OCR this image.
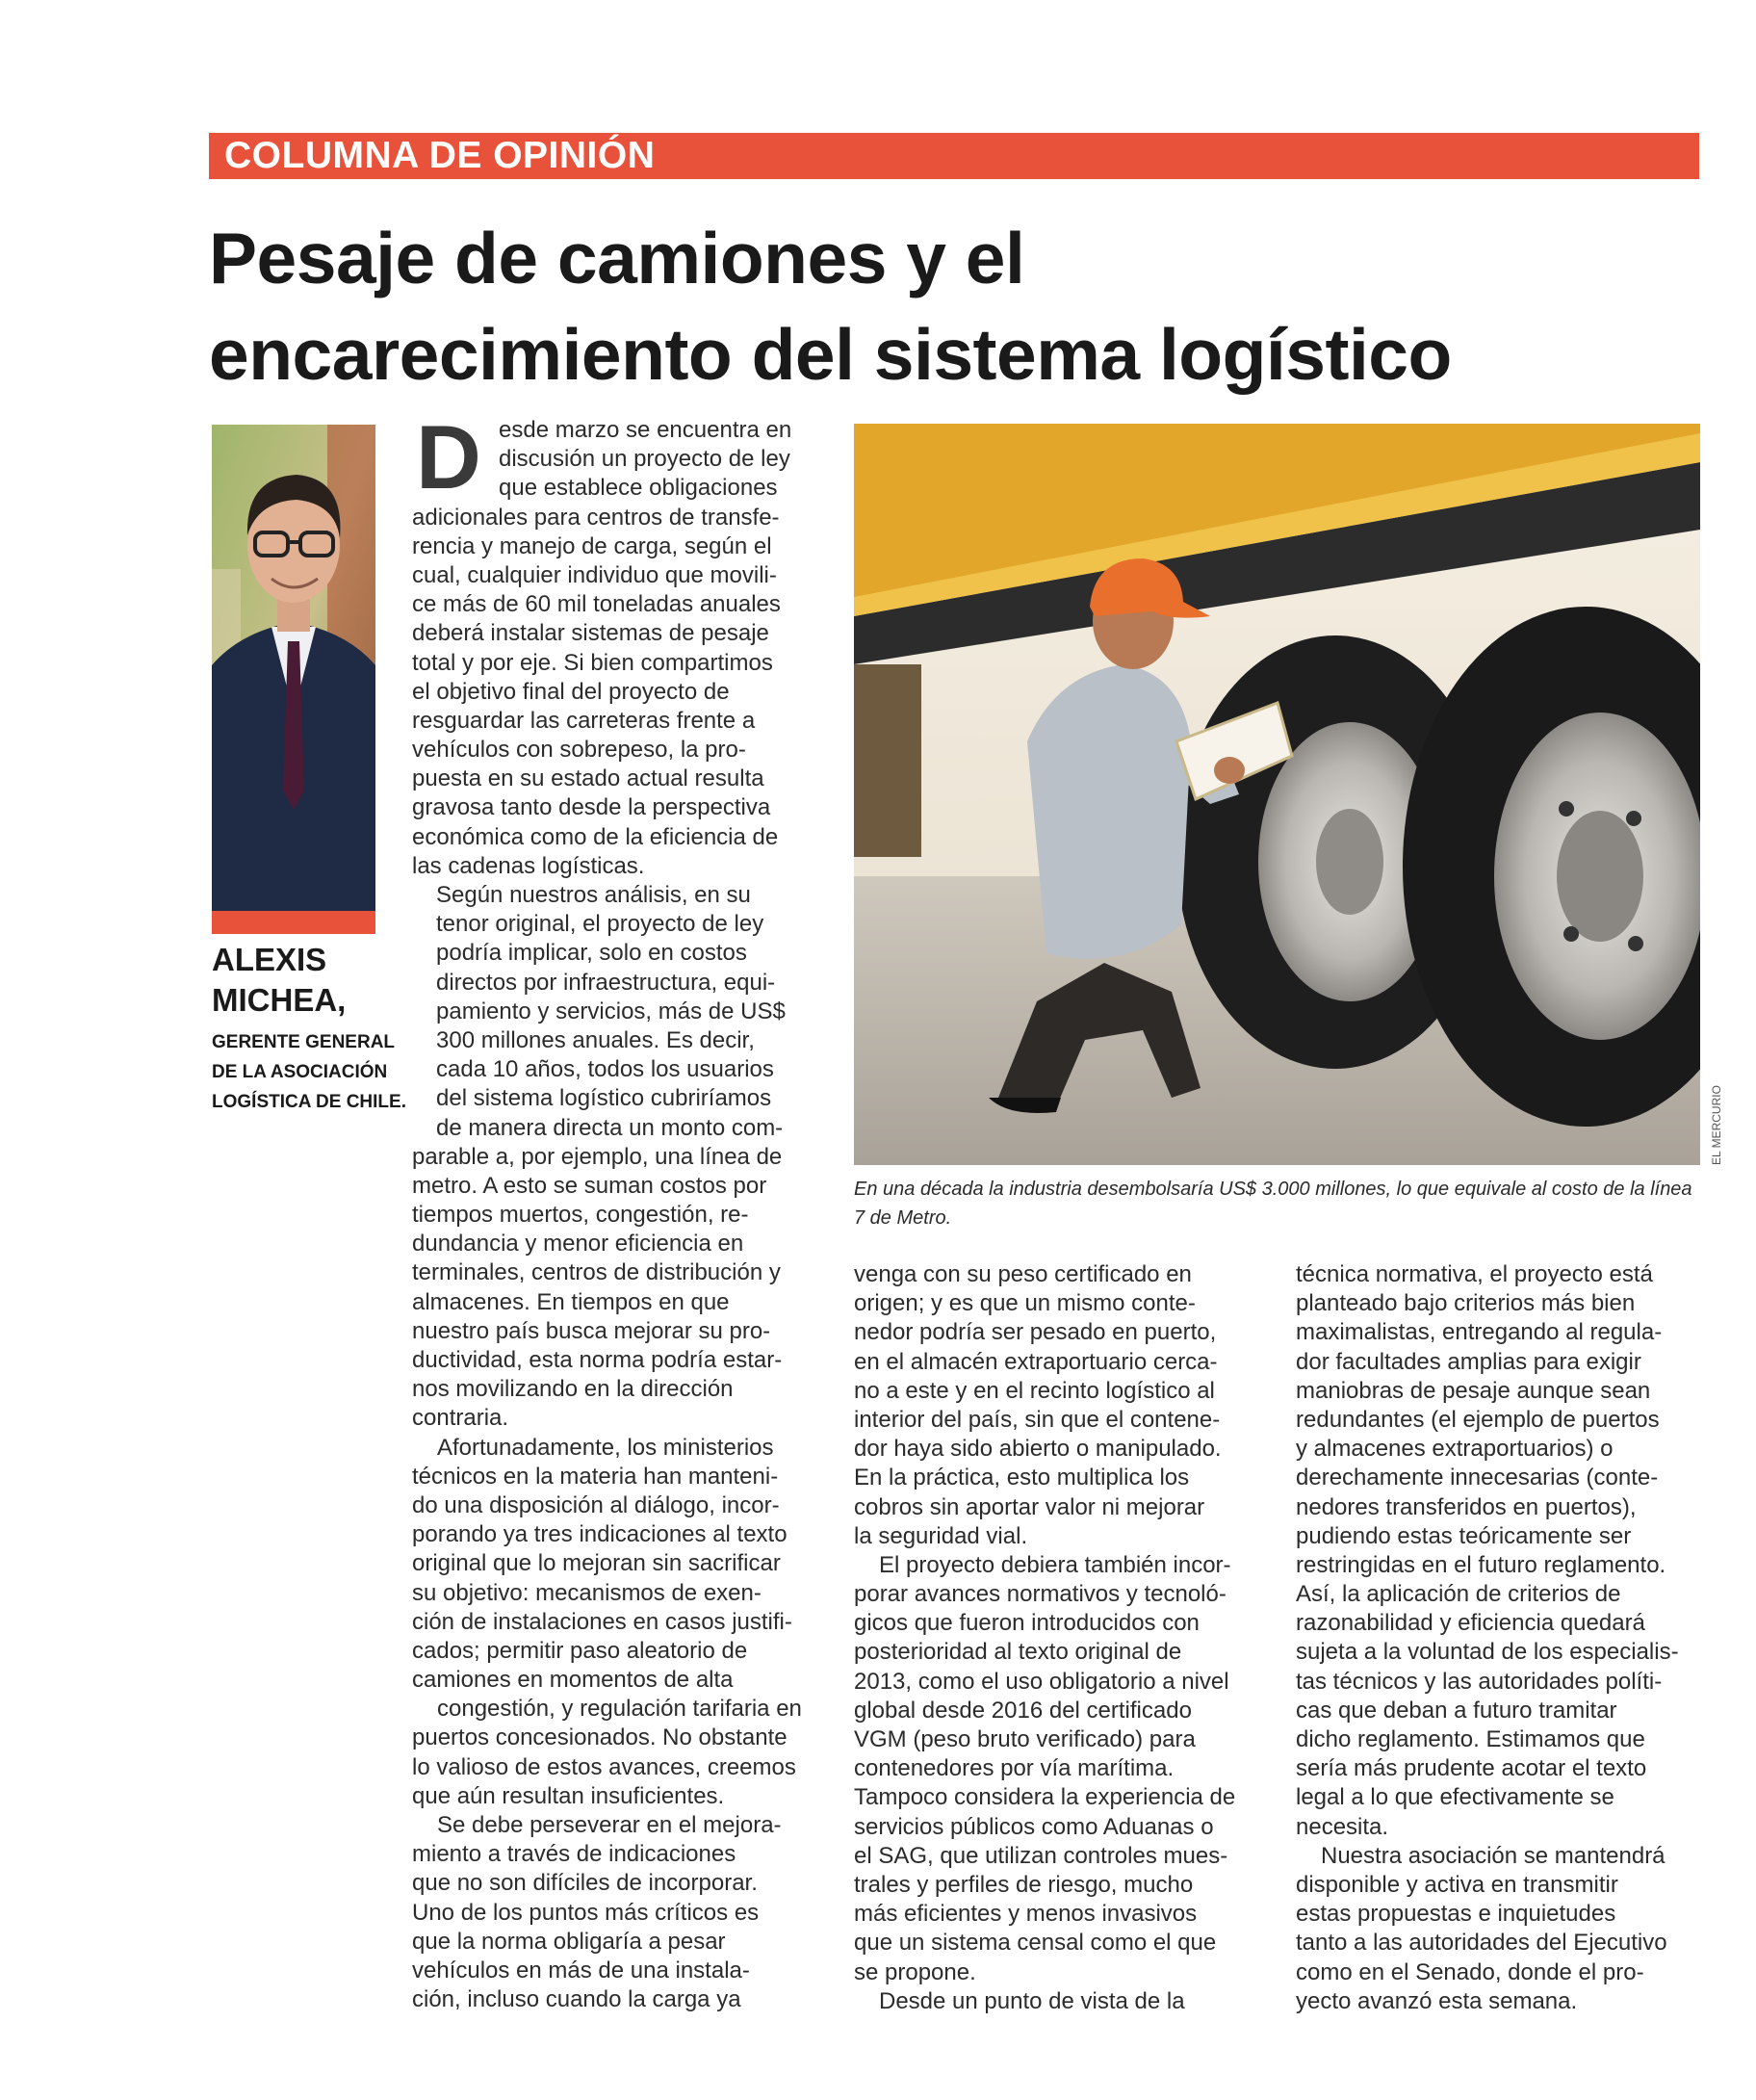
COLUMNA DE OPINIÓN
Pesaje de camiones y el
encarecimiento del sistema logístico
ALEXIS
MICHEA,
GERENTE GENERAL
DE LA ASOCIACIÓN
LOGÍSTICA DE CHILE.
D esde marzo se encuentra en
discusión un proyecto de ley
que establece obligaciones
adicionales para centros de transfe-
rencia y manejo de carga, según el
cual, cualquier individuo que movili-
ce más de 60 mil toneladas anuales
deberá instalar sistemas de pesaje
total y por eje. Si bien compartimos
el objetivo final del proyecto de
resguardar las carreteras frente a
vehículos con sobrepeso, la pro-
puesta en su estado actual resulta
gravosa tanto desde la perspectiva
económica como de la eficiencia de
las cadenas logísticas.
Según nuestros análisis, en su
tenor original, el proyecto de ley
podría implicar, solo en costos
directos por infraestructura, equi-
pamiento y servicios, más de US$
300 millones anuales. Es decir,
cada 10 años, todos los usuarios
del sistema logístico cubriríamos
de manera directa un monto com-
parable a, por ejemplo, una línea de
metro. A esto se suman costos por
tiempos muertos, congestión, re-
dundancia y menor eficiencia en
terminales, centros de distribución y
almacenes. En tiempos en que
nuestro país busca mejorar su pro-
ductividad, esta norma podría estar-
nos movilizando en la dirección
contraria.
Afortunadamente, los ministerios
técnicos en la materia han manteni-
do una disposición al diálogo, incor-
porando ya tres indicaciones al texto
original que lo mejoran sin sacrificar
su objetivo: mecanismos de exen-
ción de instalaciones en casos justifi-
cados; permitir paso aleatorio de
camiones en momentos de alta
congestión, y regulación tarifaria en
puertos concesionados. No obstante
lo valioso de estos avances, creemos
que aún resultan insuficientes.
Se debe perseverar en el mejora-
miento a través de indicaciones
que no son difíciles de incorporar.
Uno de los puntos más críticos es
que la norma obligaría a pesar
vehículos en más de una instala-
ción, incluso cuando la carga ya
EL MERCURIO
En una década la industria desembolsaría US$ 3.000 millones, lo que equivale al costo de la línea
7 de Metro.
venga con su peso certificado en
origen; y es que un mismo conte-
nedor podría ser pesado en puerto,
en el almacén extraportuario cerca-
no a este y en el recinto logístico al
interior del país, sin que el contene-
dor haya sido abierto o manipulado.
En la práctica, esto multiplica los
cobros sin aportar valor ni mejorar
la seguridad vial.
El proyecto debiera también incor-
porar avances normativos y tecnoló-
gicos que fueron introducidos con
posterioridad al texto original de
2013, como el uso obligatorio a nivel
global desde 2016 del certificado
VGM (peso bruto verificado) para
contenedores por vía marítima.
Tampoco considera la experiencia de
servicios públicos como Aduanas o
el SAG, que utilizan controles mues-
trales y perfiles de riesgo, mucho
más eficientes y menos invasivos
que un sistema censal como el que
se propone.
Desde un punto de vista de la
técnica normativa, el proyecto está
planteado bajo criterios más bien
maximalistas, entregando al regula-
dor facultades amplias para exigir
maniobras de pesaje aunque sean
redundantes (el ejemplo de puertos
y almacenes extraportuarios) o
derechamente innecesarias (conte-
nedores transferidos en puertos),
pudiendo estas teóricamente ser
restringidas en el futuro reglamento.
Así, la aplicación de criterios de
razonabilidad y eficiencia quedará
sujeta a la voluntad de los especialis-
tas técnicos y las autoridades políti-
cas que deban a futuro tramitar
dicho reglamento. Estimamos que
sería más prudente acotar el texto
legal a lo que efectivamente se
necesita.
Nuestra asociación se mantendrá
disponible y activa en transmitir
estas propuestas e inquietudes
tanto a las autoridades del Ejecutivo
como en el Senado, donde el pro-
yecto avanzó esta semana.
